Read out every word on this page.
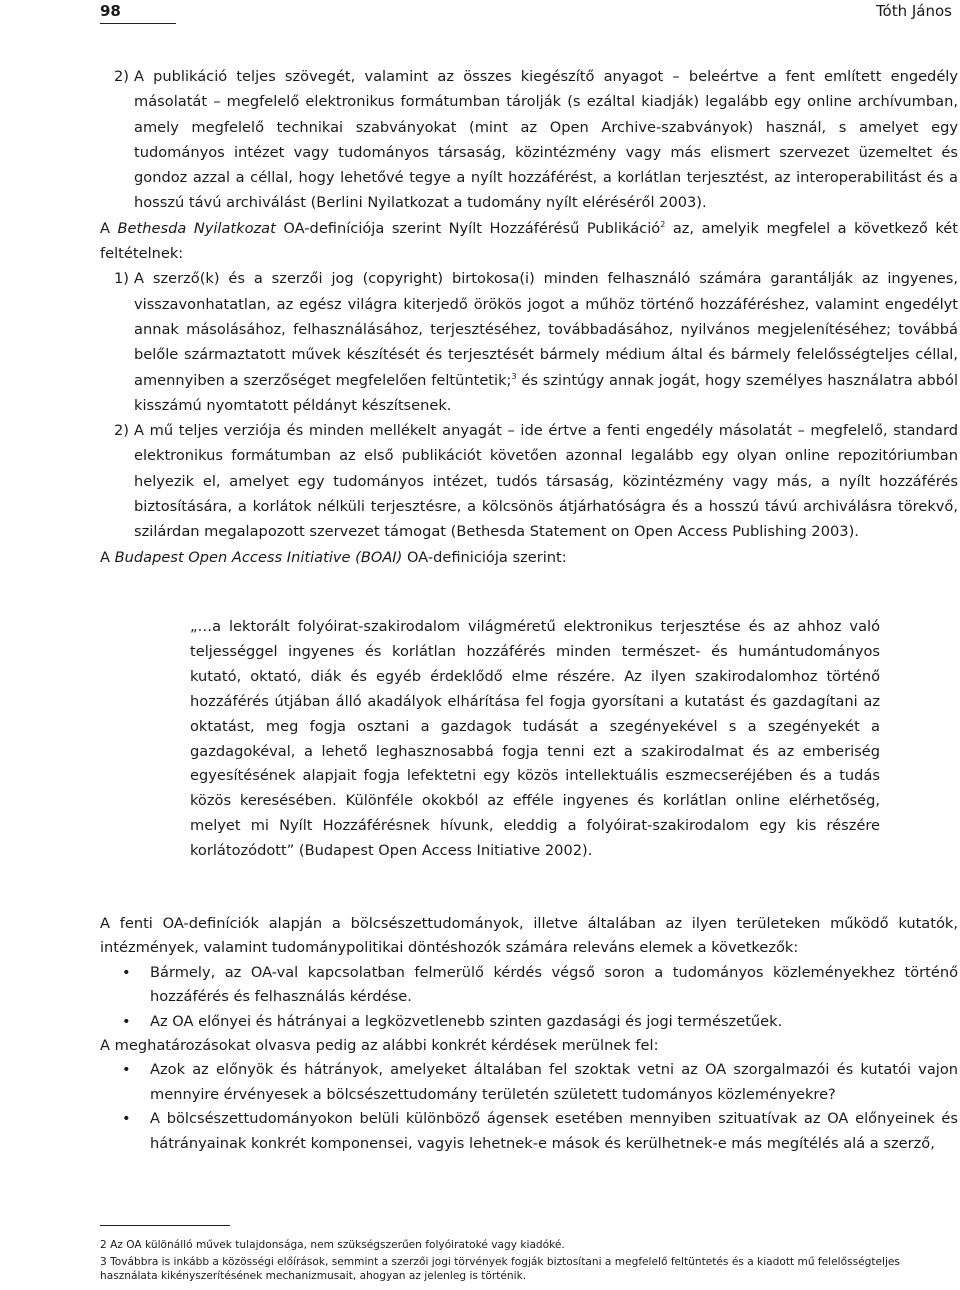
98	Tóth János
2) A publikáció teljes szövegét, valamint az összes kiegészítő anyagot – beleértve a fent említett engedély másolatát – megfelelő elektronikus formátumban tárolják (s ezáltal kiadják) legalább egy online archívumban, amely megfelelő technikai szabványokat (mint az Open Archive-szabványok) használ, s amelyet egy tudományos intézet vagy tudományos társaság, közintézmény vagy más elismert szervezet üzemeltet és gondoz azzal a céllal, hogy lehetővé tegye a nyílt hozzáférést, a korlátlan terjesztést, az interoperabilitást és a hosszú távú archiválást (Berlini Nyilatkozat a tudomány nyílt eléréséről 2003).

A Bethesda Nyilatkozat OA-definíciója szerint Nyílt Hozzáférésű Publikáció$^2$ az, amelyik megfelel a következő két feltételnek:

1) A szerző(k) és a szerzői jog (copyright) birtokosa(i) minden felhasználó számára garantálják az ingyenes, visszavonhatatlan, az egész világra kiterjedő örökös jogot a műhöz történő hozzáféréshez, valamint engedélyt annak másolásához, felhasználásához, terjesztéséhez, továbbadásához, nyilvános megjelenítéséhez; továbbá belőle származtatott művek készítését és terjesztését bármely médium által és bármely felelősségteljes céllal, amennyiben a szerzőséget megfelelően feltüntetik;$^3$ és szintúgy annak jogát, hogy személyes használatra abból kisszámú nyomtatott példányt készítsenek.
2) A mű teljes verziója és minden mellékelt anyagát – ide értve a fenti engedély másolatát – megfelelő, standard elektronikus formátumban az első publikációt követően azonnal legalább egy olyan online repozitóriumban helyezik el, amelyet egy tudományos intézet, tudós társaság, közintézmény vagy más, a nyílt hozzáférés biztosítására, a korlátok nélküli terjesztésre, a kölcsönös átjárhatóságra és a hosszú távú archiválásra törekvő, szilárdan megalapozott szervezet támogat (Bethesda Statement on Open Access Publishing 2003).

A Budapest Open Access Initiative (BOAI) OA-definiciója szerint:

„…a lektorált folyóirat-szakirodalom világméretű elektronikus terjesztése és az ahhoz való teljességgel ingyenes és korlátlan hozzáférés minden természet- és humántudományos kutató, oktató, diák és egyéb érdeklődő elme részére. Az ilyen szakirodalomhoz történő hozzáférés útjában álló akadályok elhárítása fel fogja gyorsítani a kutatást és gazdagítani az oktatást, meg fogja osztani a gazdagok tudását a szegényekével s a szegényekét a gazdagokéval, a lehető leghasznosabbá fogja tenni ezt a szakirodalmat és az emberiség egyesítésének alapjait fogja lefektetni egy közös intellektuális eszmecseréjében és a tudás közös keresésében. Különféle okokból az efféle ingyenes és korlátlan online elérhetőség, melyet mi Nyílt Hozzáférésnek hívunk, eleddig a folyóirat-szakirodalom egy kis részére korlátozódott” (Budapest Open Access Initiative 2002).

A fenti OA-definíciók alapján a bölcsészettudományok, illetve általában az ilyen területeken működő kutatók, intézmények, valamint tudománypolitikai döntéshozók számára releváns elemek a következők:

•	Bármely, az OA-val kapcsolatban felmerülő kérdés végső soron a tudományos közleményekhez történő hozzáférés és felhasználás kérdése.
•	Az OA előnyei és hátrányai a legközvetlenebb szinten gazdasági és jogi természetűek.

A meghatározásokat olvasva pedig az alábbi konkrét kérdések merülnek fel:

•	Azok az előnyök és hátrányok, amelyeket általában fel szoktak vetni az OA szorgalmazói és kutatói vajon mennyire érvényesek a bölcsészettudomány területén született tudományos közleményekre?
•	A bölcsészettudományokon belüli különböző ágensek esetében mennyiben szituatívak az OA előnyeinek és hátrányainak konkrét komponensei, vagyis lehetnek-e mások és kerülhetnek-e más megítélés alá a szerző,

2 Az OA különálló művek tulajdonsága, nem szükségszerűen folyóiratoké vagy kiadóké.

3 Továbbra is inkább a közösségi előírások, semmint a szerzői jogi törvények fogják biztosítani a megfelelő feltüntetés és a kiadott mű felelősségteljes használata kikényszerítésének mechanizmusait, ahogyan az jelenleg is történik.
